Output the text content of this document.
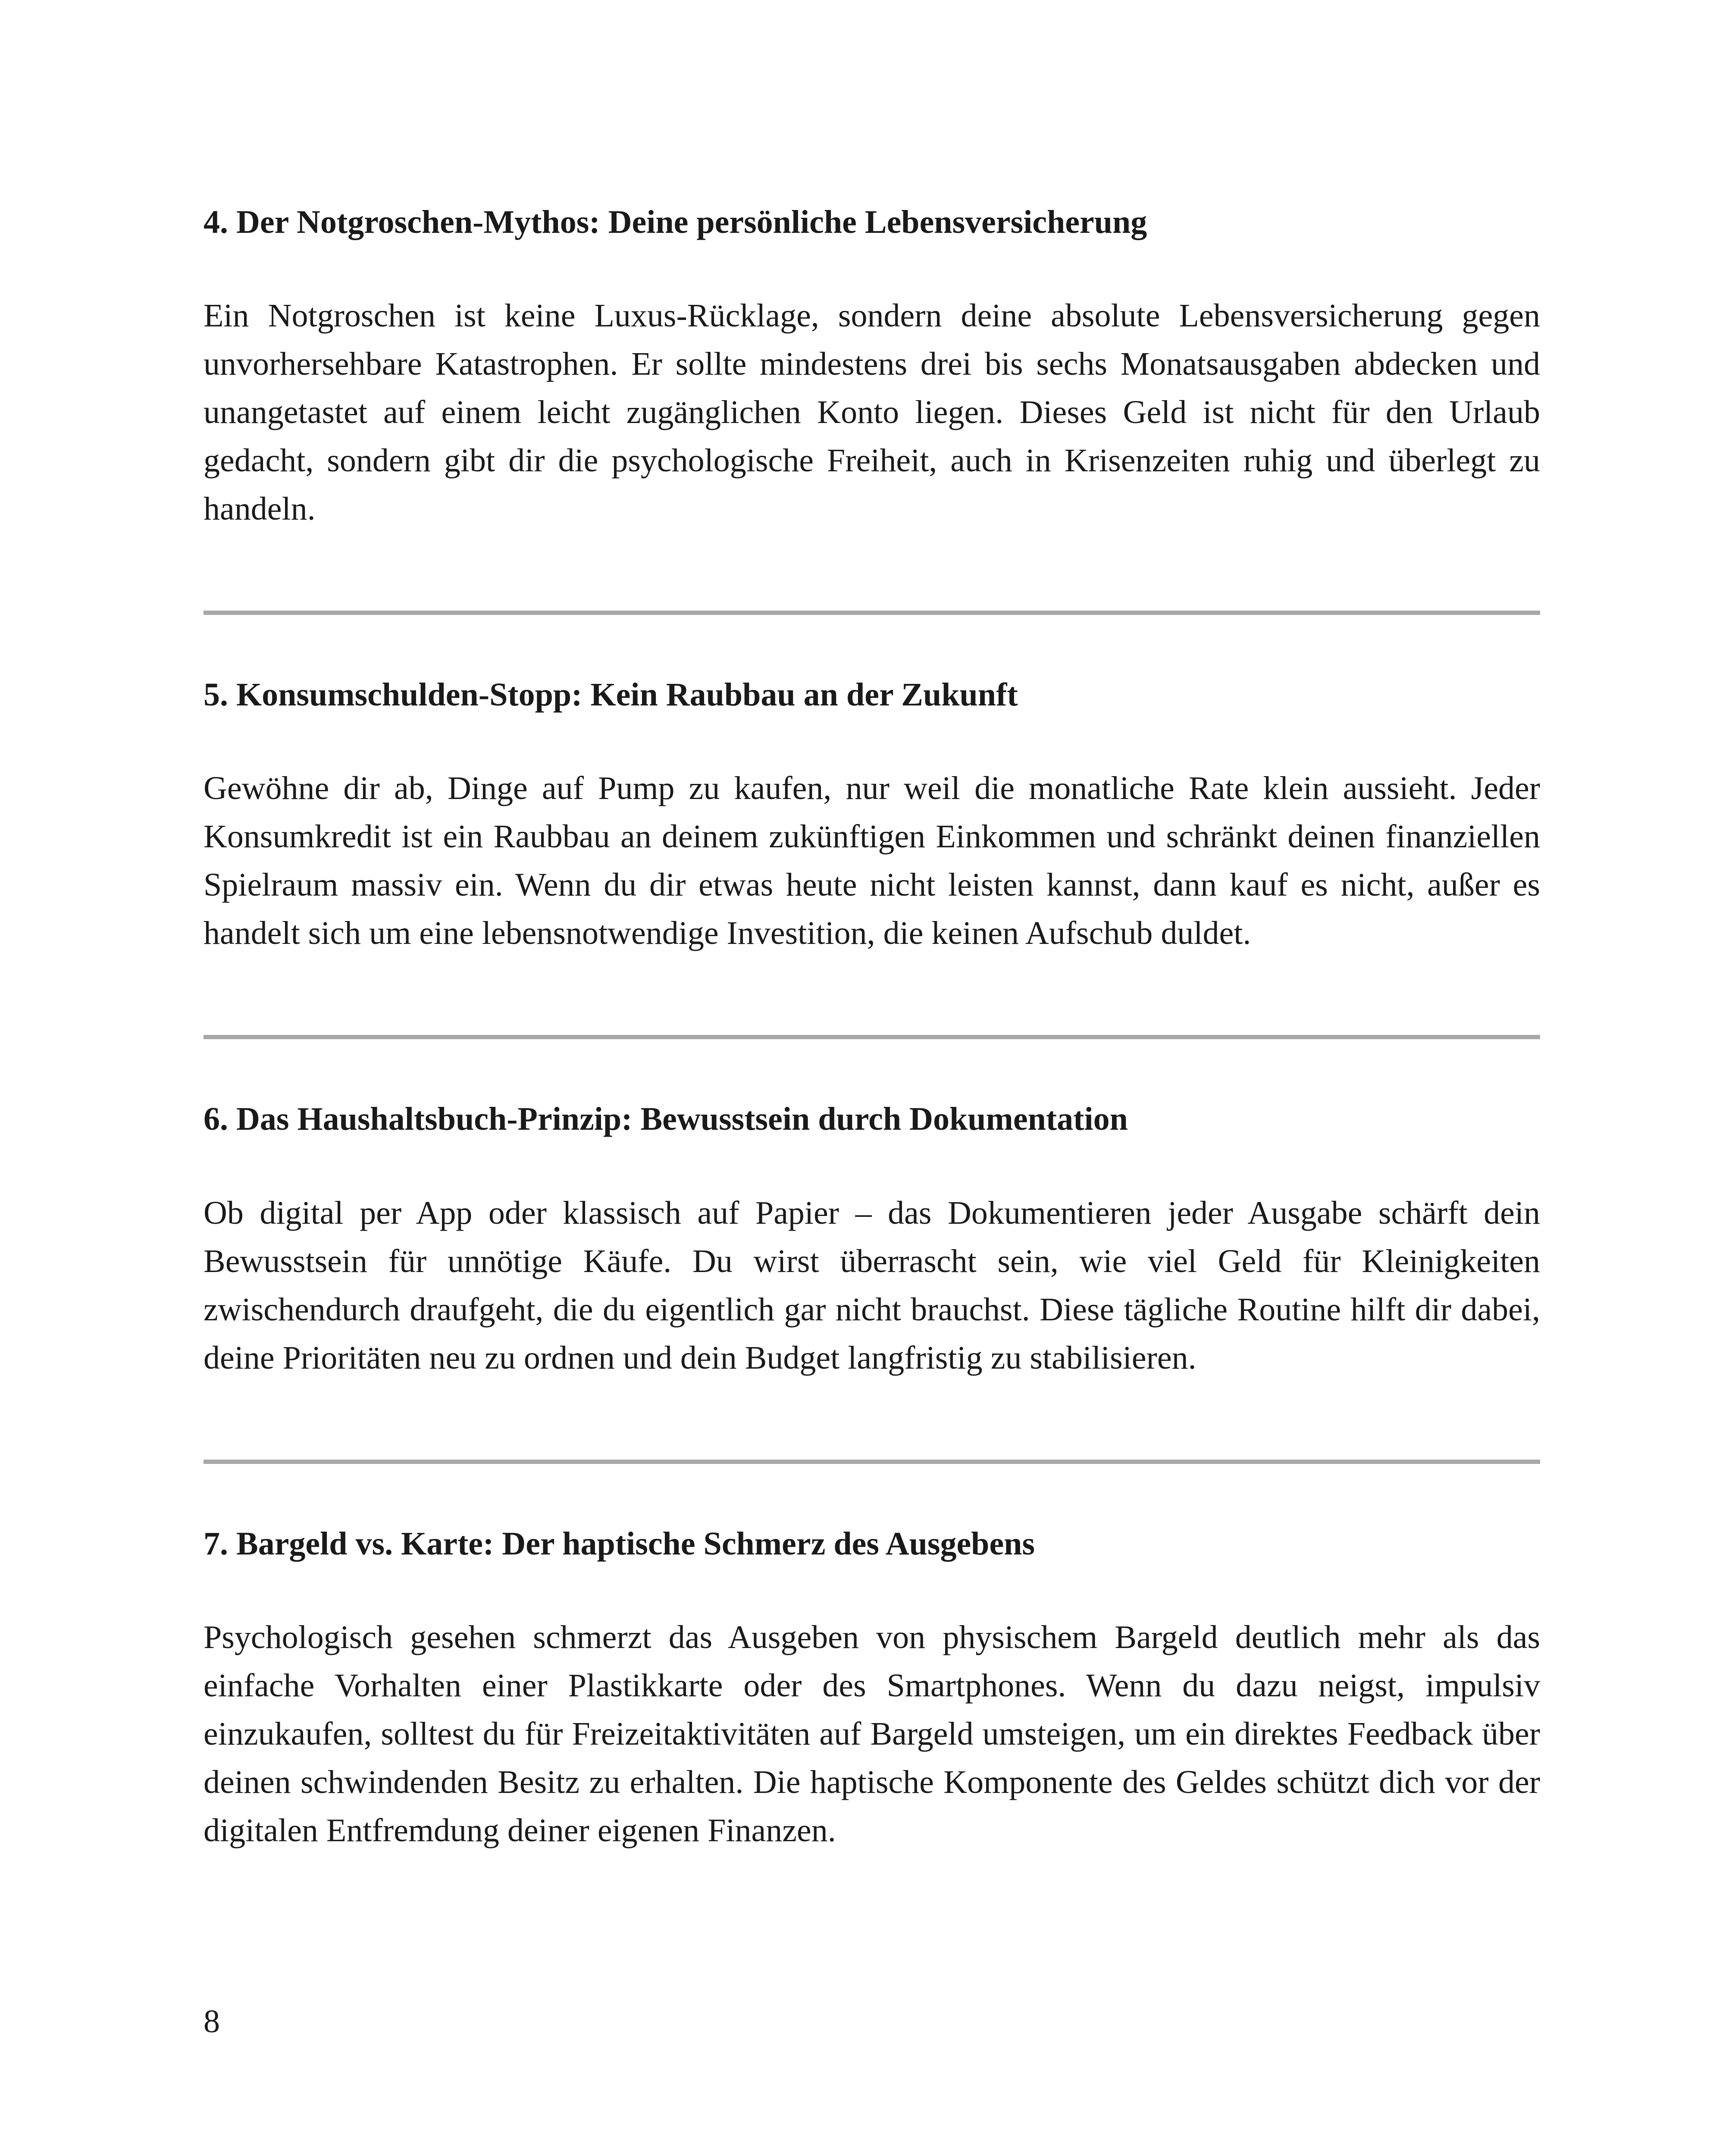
4. Der Notgroschen-Mythos: Deine persönliche Lebensversicherung

Ein Notgroschen ist keine Luxus-Rücklage, sondern deine absolute Lebensversicherung gegen unvorhersehbare Katastrophen. Er sollte mindestens drei bis sechs Monatsausgaben abdecken und unangetastet auf einem leicht zugänglichen Konto liegen. Dieses Geld ist nicht für den Urlaub gedacht, sondern gibt dir die psychologische Freiheit, auch in Krisenzeiten ruhig und überlegt zu handeln.

5. Konsumschulden-Stopp: Kein Raubbau an der Zukunft

Gewöhne dir ab, Dinge auf Pump zu kaufen, nur weil die monatliche Rate klein aussieht. Jeder Konsumkredit ist ein Raubbau an deinem zukünftigen Einkommen und schränkt deinen finanziellen Spielraum massiv ein. Wenn du dir etwas heute nicht leisten kannst, dann kauf es nicht, außer es handelt sich um eine lebensnotwendige Investition, die keinen Aufschub duldet.

6. Das Haushaltsbuch-Prinzip: Bewusstsein durch Dokumentation

Ob digital per App oder klassisch auf Papier – das Dokumentieren jeder Ausgabe schärft dein Bewusstsein für unnötige Käufe. Du wirst überrascht sein, wie viel Geld für Kleinigkeiten zwischendurch draufgeht, die du eigentlich gar nicht brauchst. Diese tägliche Routine hilft dir dabei, deine Prioritäten neu zu ordnen und dein Budget langfristig zu stabilisieren.

7. Bargeld vs. Karte: Der haptische Schmerz des Ausgebens

Psychologisch gesehen schmerzt das Ausgeben von physischem Bargeld deutlich mehr als das einfache Vorhalten einer Plastikkarte oder des Smartphones. Wenn du dazu neigst, impulsiv einzukaufen, solltest du für Freizeitaktivitäten auf Bargeld umsteigen, um ein direktes Feedback über deinen schwindenden Besitz zu erhalten. Die haptische Komponente des Geldes schützt dich vor der digitalen Entfremdung deiner eigenen Finanzen.

8
